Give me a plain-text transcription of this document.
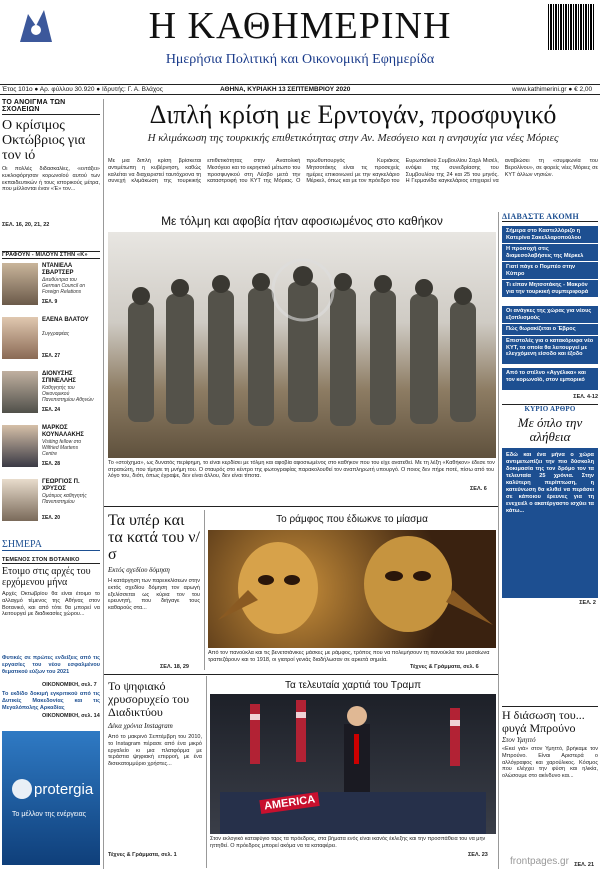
Η ΚΑΘΗΜΕΡΙΝΗ
Ημερήσια Πολιτική και Οικονομική Εφημερίδα
Έτος 101ο ● Αρ. φύλλου 30.920 ● Ιδρυτής: Γ. Α. Βλάχος	ΑΘΗΝΑ, ΚΥΡΙΑΚΗ 13 ΣΕΠΤΕΜΒΡΙΟΥ 2020	www.kathimerini.gr ● € 2,00
ΤΟ ΑΝΟΙΓΜΑ ΤΩΝ ΣΧΟΛΕΙΩΝ
Ο κρίσιμος Οκτώβριος για τον ιό
Οι πολλές διδασκαλίες, «εντάξει» κυκλοφόρησαν κορωνοϊού αυτού των εκπαιδευτικών ή τους ιστορικούς μέτρα, που μέλλονται έναν «Έ» τον...
ΣΕΛ. 16, 20, 21, 22
ΓΡΑΦΟΥΝ - ΜΙΛΟΥΝ ΣΤΗΝ «Κ»
ΝΤΑΝΙΕΛΑ ΣΒΑΡΤΣΕΡ
Διευθύντρια του German Council on Foreign Relations
ΣΕΛ. 9
ΕΛΕΝΑ ΒΛΑΤΟΥ
Συγγραφέας
ΣΕΛ. 27
ΔΙΟΝΥΣΗΣ ΣΠΙΝΕΛΛΗΣ
Καθηγητής του Οικονομικού Πανεπιστημίου Αθηνών
ΣΕΛ. 24
ΜΑΡΚΟΣ ΚΟΥΝΑΛΑΚΗΣ
Visiting fellow στο Wilfried Martens Centre
ΣΕΛ. 28
ΓΕΩΡΓΙΟΣ Π. ΧΡΥΣΟΣ
Ομότιμος καθηγητής Πανεπιστημίου
ΣΕΛ. 20
ΣΗΜΕΡΑ
ΤΕΜΕΝΟΣ ΣΤΟΝ ΒΟΤΑΝΙΚΟ
Ετοιμο στις αρχές του ερχόμενου μήνα
Αρχές Οκτωβρίου θα είναι έτοιμο το αλλαγμό τέμενος της Αθήνας στον Βοτανικό, και από τότε θα μπορεί να λειτουργεί με διαδικασίες χώρου...
Φυτικές σε πρώτες ενδείξεις από τις εργασίες του νέου εσφαλμένου θεματικού εύζων του 2021
ΟΙΚΟΝΟΜΙΚΗ, σελ. 7
Το εκδίδο δοκιμή εγκριτικού από τις Δυτικές Μακεδονίας και τις Μεγαλόπολης Αρκαδίας
ΟΙΚΟΝΟΜΙΚΗ, σελ. 14
protergia
Το μέλλον της ενέργειας
Διπλή κρίση με Ερντογάν, προσφυγικό
Η κλιμάκωση της τουρκικής επιθετικότητας στην Αν. Μεσόγειο και η ανησυχία για νέες Μόριες
Με μια διπλή κρίση βρίσκεται αντιμέτωπη η κυβέρνηση, καθώς καλείται να διαχειριστεί ταυτόχρονα τη συνεχή κλιμάκωση της τουρκικής επιθετικότητας στην Ανατολική Μεσόγειο και το εκρηκτικό μέτωπο του προσφυγικού στη Λέσβο μετά την καταστροφή του ΚΥΤ της Μόριας. Ο πρωθυπουργός Κυριάκος Μητσοτάκης είναι τις προσεχείς ημέρες επικοινωνεί με την καγκελάριο Μέρκελ, όπως και με τον πρόεδρο του Ευρωπαϊκού Συμβουλίου Σαρλ Μισέλ, ενόψει της συνεδρίασης του Συμβουλίου της 24 και 25 του μηνός. Η Γερμανίδα καγκελάριος επιχειρεί να αναβιώσει τη «συμφωνία του Βερολίνου», σε φορείς νέες Μόριες σε ΚΥΤ άλλων νησιών.
ΔΙΑΒΑΣΤΕ ΑΚΟΜΗ
Σήμερα στο Καστελλόριζο η Κατερίνα Σακελλαροπούλου
Η προσοχή στις διαμεσολαβήσεις της Μέρκελ
Γιατί πάγε ο Πομπέο στην Κύπρο
Τι είπαν Μητσοτάκης - Μακρόν για την τουρκική συμπεριφορά
Οι ανάγκες της χώρας για νέους εξοπλισμούς
Πώς θωρακίζεται ο Έβρος
Επιστολές για ο κατακόρυφα νέο ΚΥΤ, τα οποία θα λειτουργεί με ελεγχόμενη είσοδο και έξοδο
Από το στέλνο «Αγγέλικα» και τον κορωνοϊό, στον εμπορικό
ΣΕΛ. 4-12
ΚΥΡΙΟ ΑΡΘΡΟ
Με όπλο την αλήθεια
Εδώ και ένα μήνα ο χώρα αντιμετωπίζει την πιο δύσκολη δοκιμασία της τον δρόμο τον τα τελευταία 25 χρόνια. Στην καλύτερη περίπτωση, η κατεύνωση θα κλιθεί να περάσει σε κάποιου έρευνες για τη ενεχειέλ ο ακατέργαστο ισχύει τα κάτω...
ΣΕΛ. 2
Η διάσωση του... φυγά Μπρούνο
Στον Υμηττό
«Εκεί γιά» στον Υμηττό, βρήκαμε τον Μπρούνο. Είναι Αριστερά ο αλλόγραφος και χαρούλικος. Κόσμος που ελέγχει την φύση και ηλικία, ολώσουμε στο ακίνδυνο και...
ΣΕΛ. 21
Με τόλμη και αφοβία ήταν αφοσιωμένος στο καθήκον
Το «στοίχημα», ως δυνατός περίφημη, το είναι κερδίσει με τόλμη και αφοβία αφοσιωμένος στο καθήκον που του είχε ανατεθεί. Με τη λέξη «Καθήκον» έδεσε τον στρατιώτη, που τίμησε τη μνήμη του. Ο σταυρός στο κέντρο της φωτογραφίας παρακολουθεί τον αναπληρωτή υπουργό. Ο ποιος δεν πήρε ποτέ, πίσω από του λόγο του, διότι, όπως έγραψε, δεν είναι άλλου, δεν είναι τίποτα.
ΣΕΛ. 6
Τα υπέρ και τα κατά του ν/σ
Εκτός σχεδίου δόμηση
Η κατάργηση των παρεκκλίσεων στην εκτός σχεδίου δόμηση τον αρωγή εξελίσσεται ως κύρια τον του ερευνητή, που διήγαγε τους καθαρούς στα...
ΣΕΛ. 18, 29
Το ράμφος που έδιωκνε το μίασμα
Από τον πανούκλα και τις βενετσιάνικες μάσκες με ράμφος, τρόπος που να πολεμήσουν τη πανούκλα του μεσαίωνα τραπεζάρουν και το 1918, οι γιατροί γενιάς διαδήλωσαν σε αρκετά σημεία.
Τέχνες & Γράμματα, σελ. 6
Το ψηφιακό χρυσορυχείο του Διαδικτύου
Δέκα χρόνια Instagram
Από το μακρινό Σεπτέμβρη του 2010, το Instagram πέρασε από ένα μικρό εργαλείο κι μια πλατφόρμα με τεράστια ψηφιακή επιρροή, με ένα δισεκατομμύριο χρήστες...
Τέχνες & Γράμματα, σελ. 1
Τα τελευταία χαρτιά του Τραμπ
AMERICA
Στον εκλογικό καταφύγιο ταρς τα πρόεδρος, στα βήματα ενός είναι ικανός έκλεξης και την προσπάθεια του να μην ηττηθεί. Ο πρόεδρος μπορεί ακόμα να τα καταφέρει.
ΣΕΛ. 23
frontpages.gr
